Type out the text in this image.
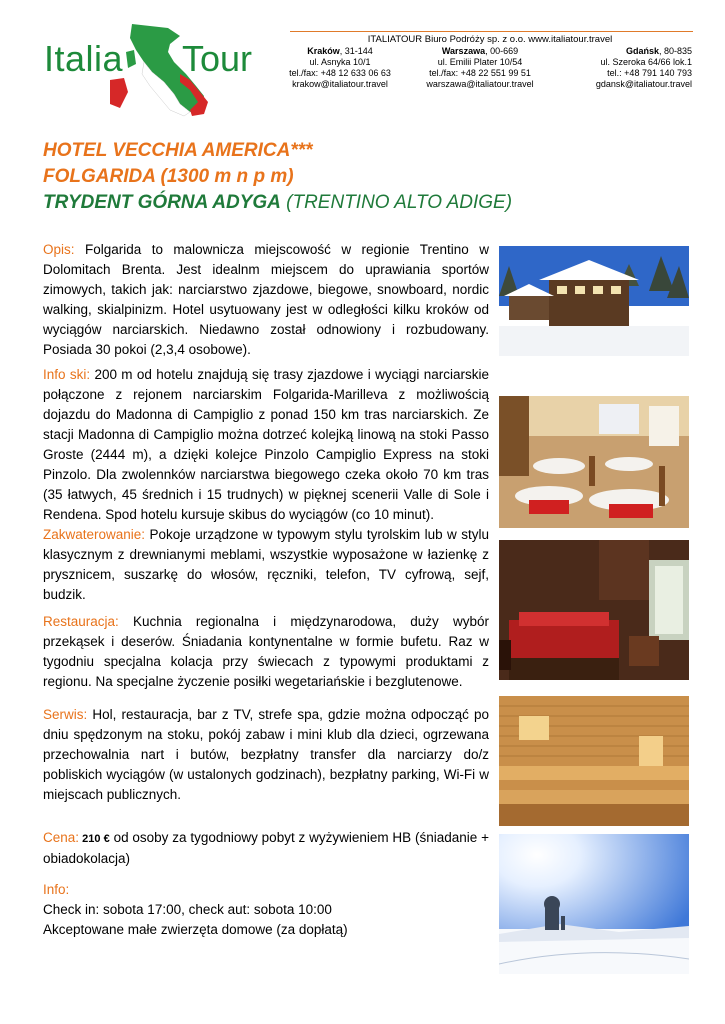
Italia Tour	ITALIATOUR Biuro Podróży sp. z o.o. www.italiatour.travel
Kraków, 31-144
ul. Asnyka 10/1
tel./fax: +48 12 633 06 63
krakow@italiatour.travel
Warszawa, 00-669
ul. Emilii Plater 10/54
tel./fax: +48 22 551 99 51
warszawa@italiatour.travel
Gdańsk, 80-835
ul. Szeroka 64/66 lok.1
tel.: +48 791 140 793
gdansk@italiatour.travel
HOTEL VECCHIA AMERICA***
FOLGARIDA (1300 m n p m)
TRYDENT GÓRNA ADYGA (TRENTINO ALTO ADIGE)
Opis: Folgarida to malownicza miejscowość w regionie Trentino w Dolomitach Brenta. Jest idealnm miejscem do uprawiania sportów zimowych, takich jak: narciarstwo zjazdowe, biegowe, snowboard, nordic walking, skialpinizm. Hotel usytuowany jest w odległości kilku kroków od wyciągów narciarskich. Niedawno został odnowiony i rozbudowany. Posiada 30 pokoi (2,3,4 osobowe).
Info ski: 200 m od hotelu znajdują się trasy zjazdowe i wyciągi narciarskie połączone z rejonem narciarskim Folgarida-Marilleva z możliwością dojazdu do Madonna di Campiglio z ponad 150 km tras narciarskich. Ze stacji Madonna di Campiglio można dotrzeć kolejką linową na stoki Passo Groste (2444 m), a dzięki kolejce Pinzolo Campiglio Express na stoki Pinzolo. Dla zwolennków narciarstwa biegowego czeka około 70 km tras (35 łatwych, 45 średnich i 15 trudnych) w pięknej scenerii Valle di Sole i Rendena. Spod hotelu kursuje skibus do wyciągów (co 10 minut).
Zakwaterowanie: Pokoje urządzone w typowym stylu tyrolskim lub w stylu klasycznym z drewnianymi meblami, wszystkie wyposażone w łazienkę z prysznicem, suszarkę do włosów, ręczniki, telefon, TV cyfrową, sejf, budzik.
Restauracja: Kuchnia regionalna i międzynarodowa, duży wybór przekąsek i deserów. Śniadania kontynentalne w formie bufetu. Raz w tygodniu specjalna kolacja przy świecach z typowymi produktami z regionu. Na specjalne życzenie posiłki wegetariańskie i bezglutenowe.
Serwis: Hol, restauracja, bar z TV, strefe spa, gdzie można odpocząć po dniu spędzonym na stoku, pokój zabaw i mini klub dla dzieci, ogrzewana przechowalnia nart i butów, bezpłatny transfer dla narciarzy do/z pobliskich wyciągów (w ustalonych godzinach), bezpłatny parking, Wi-Fi w miejscach publicznych.
Cena: 210 € od osoby za tygodniowy pobyt z wyżywieniem HB (śniadanie + obiadokolacja)
Info:
Check in: sobota 17:00, check aut: sobota 10:00
Akceptowane małe zwierzęta domowe (za dopłatą)
